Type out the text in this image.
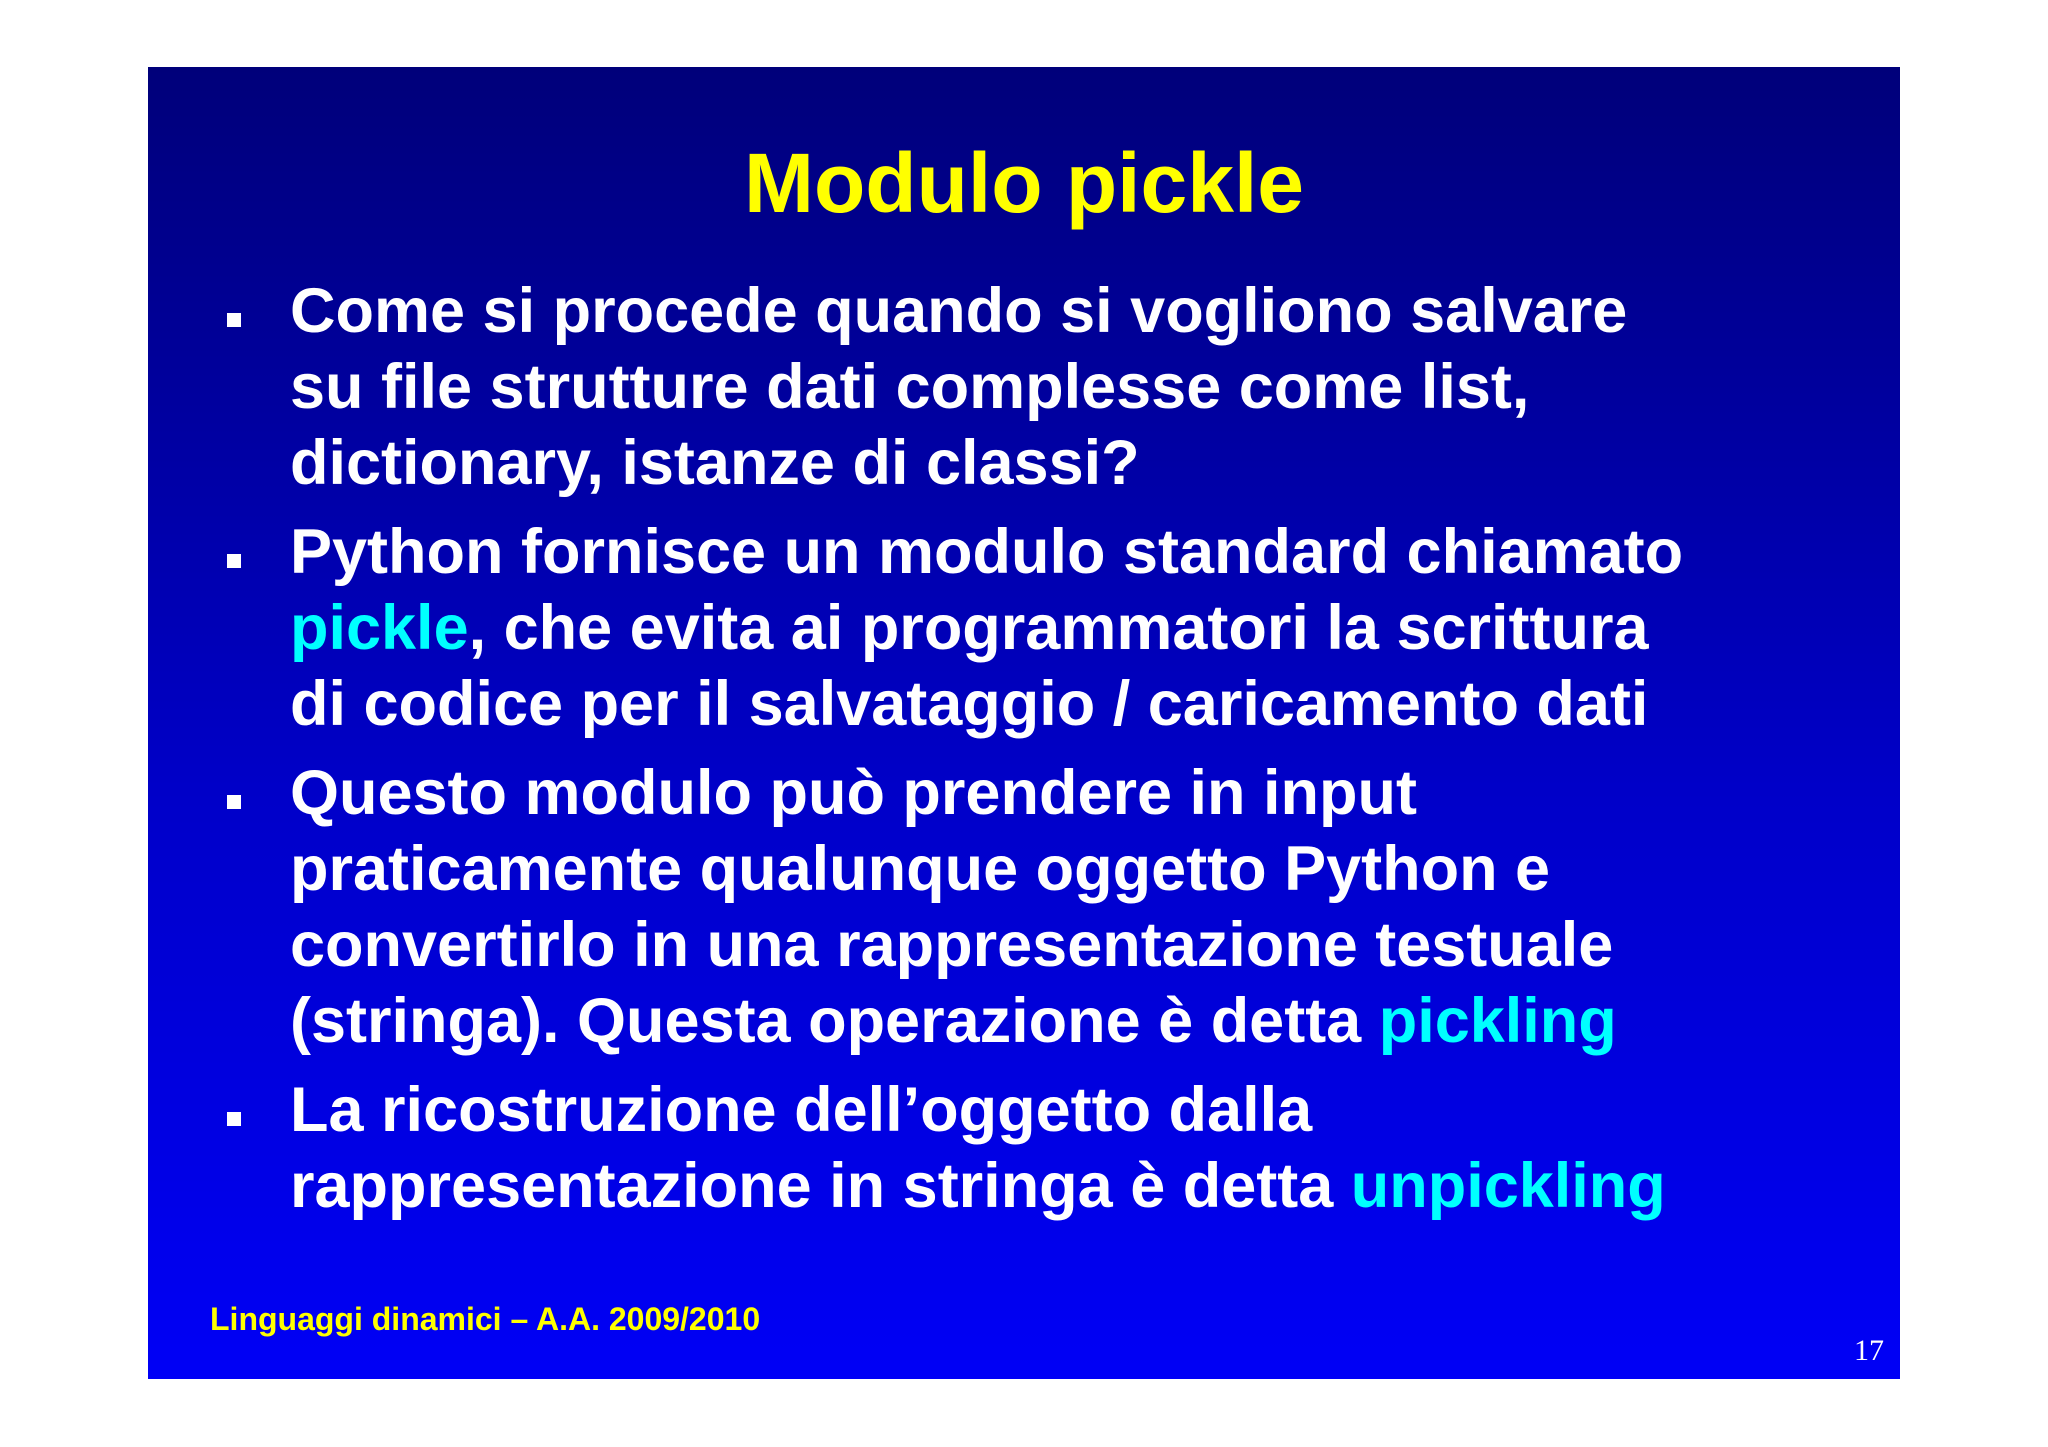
Modulo pickle
Come si procede quando si vogliono salvare
su file strutture dati complesse come list,
dictionary, istanze di classi?
Python fornisce un modulo standard chiamato
pickle, che evita ai programmatori la scrittura
di codice per il salvataggio / caricamento dati
Questo modulo può prendere in input
praticamente qualunque oggetto Python e
convertirlo in una rappresentazione testuale
(stringa). Questa operazione è detta pickling
La ricostruzione dell’oggetto dalla
rappresentazione in stringa è detta unpickling

Linguaggi dinamici – A.A. 2009/2010

17
